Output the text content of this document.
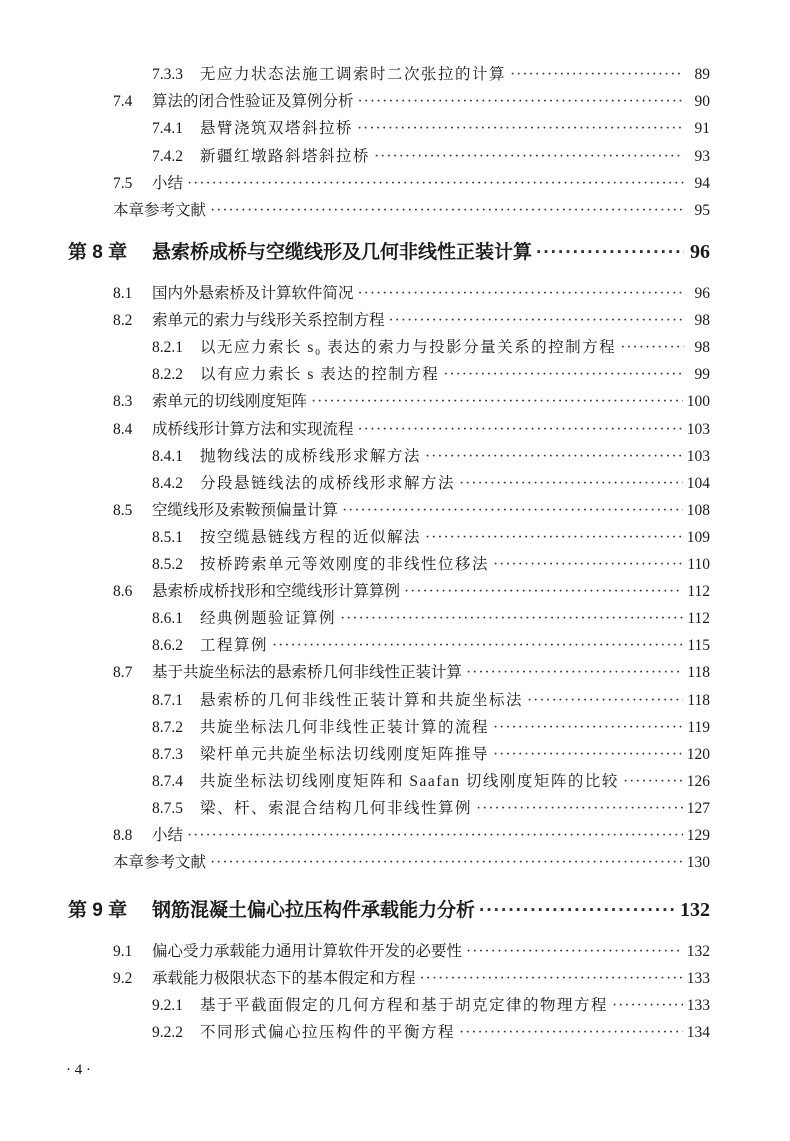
7.3.3	无应力状态法施工调索时二次张拉的计算 ·····	89
7.4	算法的闭合性验证及算例分析 ·····	90
7.4.1	悬臂浇筑双塔斜拉桥 ·····	91
7.4.2	新疆红墩路斜塔斜拉桥 ·····	93
7.5	小结 ·····	94
本章参考文献 ·····	95
第 8 章	悬索桥成桥与空缆线形及几何非线性正装计算 ·····	96
8.1	国内外悬索桥及计算软件简况 ·····	96
8.2	索单元的索力与线形关系控制方程 ·····	98
8.2.1	以无应力索长 s₀ 表达的索力与投影分量关系的控制方程 ·····	98
8.2.2	以有应力索长 s 表达的控制方程 ·····	99
8.3	索单元的切线刚度矩阵 ·····	100
8.4	成桥线形计算方法和实现流程 ·····	103
8.4.1	抛物线法的成桥线形求解方法 ·····	103
8.4.2	分段悬链线法的成桥线形求解方法 ·····	104
8.5	空缆线形及索鞍预偏量计算 ·····	108
8.5.1	按空缆悬链线方程的近似解法 ·····	109
8.5.2	按桥跨索单元等效刚度的非线性位移法 ·····	110
8.6	悬索桥成桥找形和空缆线形计算算例 ·····	112
8.6.1	经典例题验证算例 ·····	112
8.6.2	工程算例 ·····	115
8.7	基于共旋坐标法的悬索桥几何非线性正装计算 ·····	118
8.7.1	悬索桥的几何非线性正装计算和共旋坐标法 ·····	118
8.7.2	共旋坐标法几何非线性正装计算的流程 ·····	119
8.7.3	梁杆单元共旋坐标法切线刚度矩阵推导 ·····	120
8.7.4	共旋坐标法切线刚度矩阵和 Saafan 切线刚度矩阵的比较 ·····	126
8.7.5	梁、杆、索混合结构几何非线性算例 ·····	127
8.8	小结 ·····	129
本章参考文献 ·····	130
第 9 章	钢筋混凝土偏心拉压构件承载能力分析 ·····	132
9.1	偏心受力承载能力通用计算软件开发的必要性 ·····	132
9.2	承载能力极限状态下的基本假定和方程 ·····	133
9.2.1	基于平截面假定的几何方程和基于胡克定律的物理方程 ·····	133
9.2.2	不同形式偏心拉压构件的平衡方程 ·····	134
· 4 ·
